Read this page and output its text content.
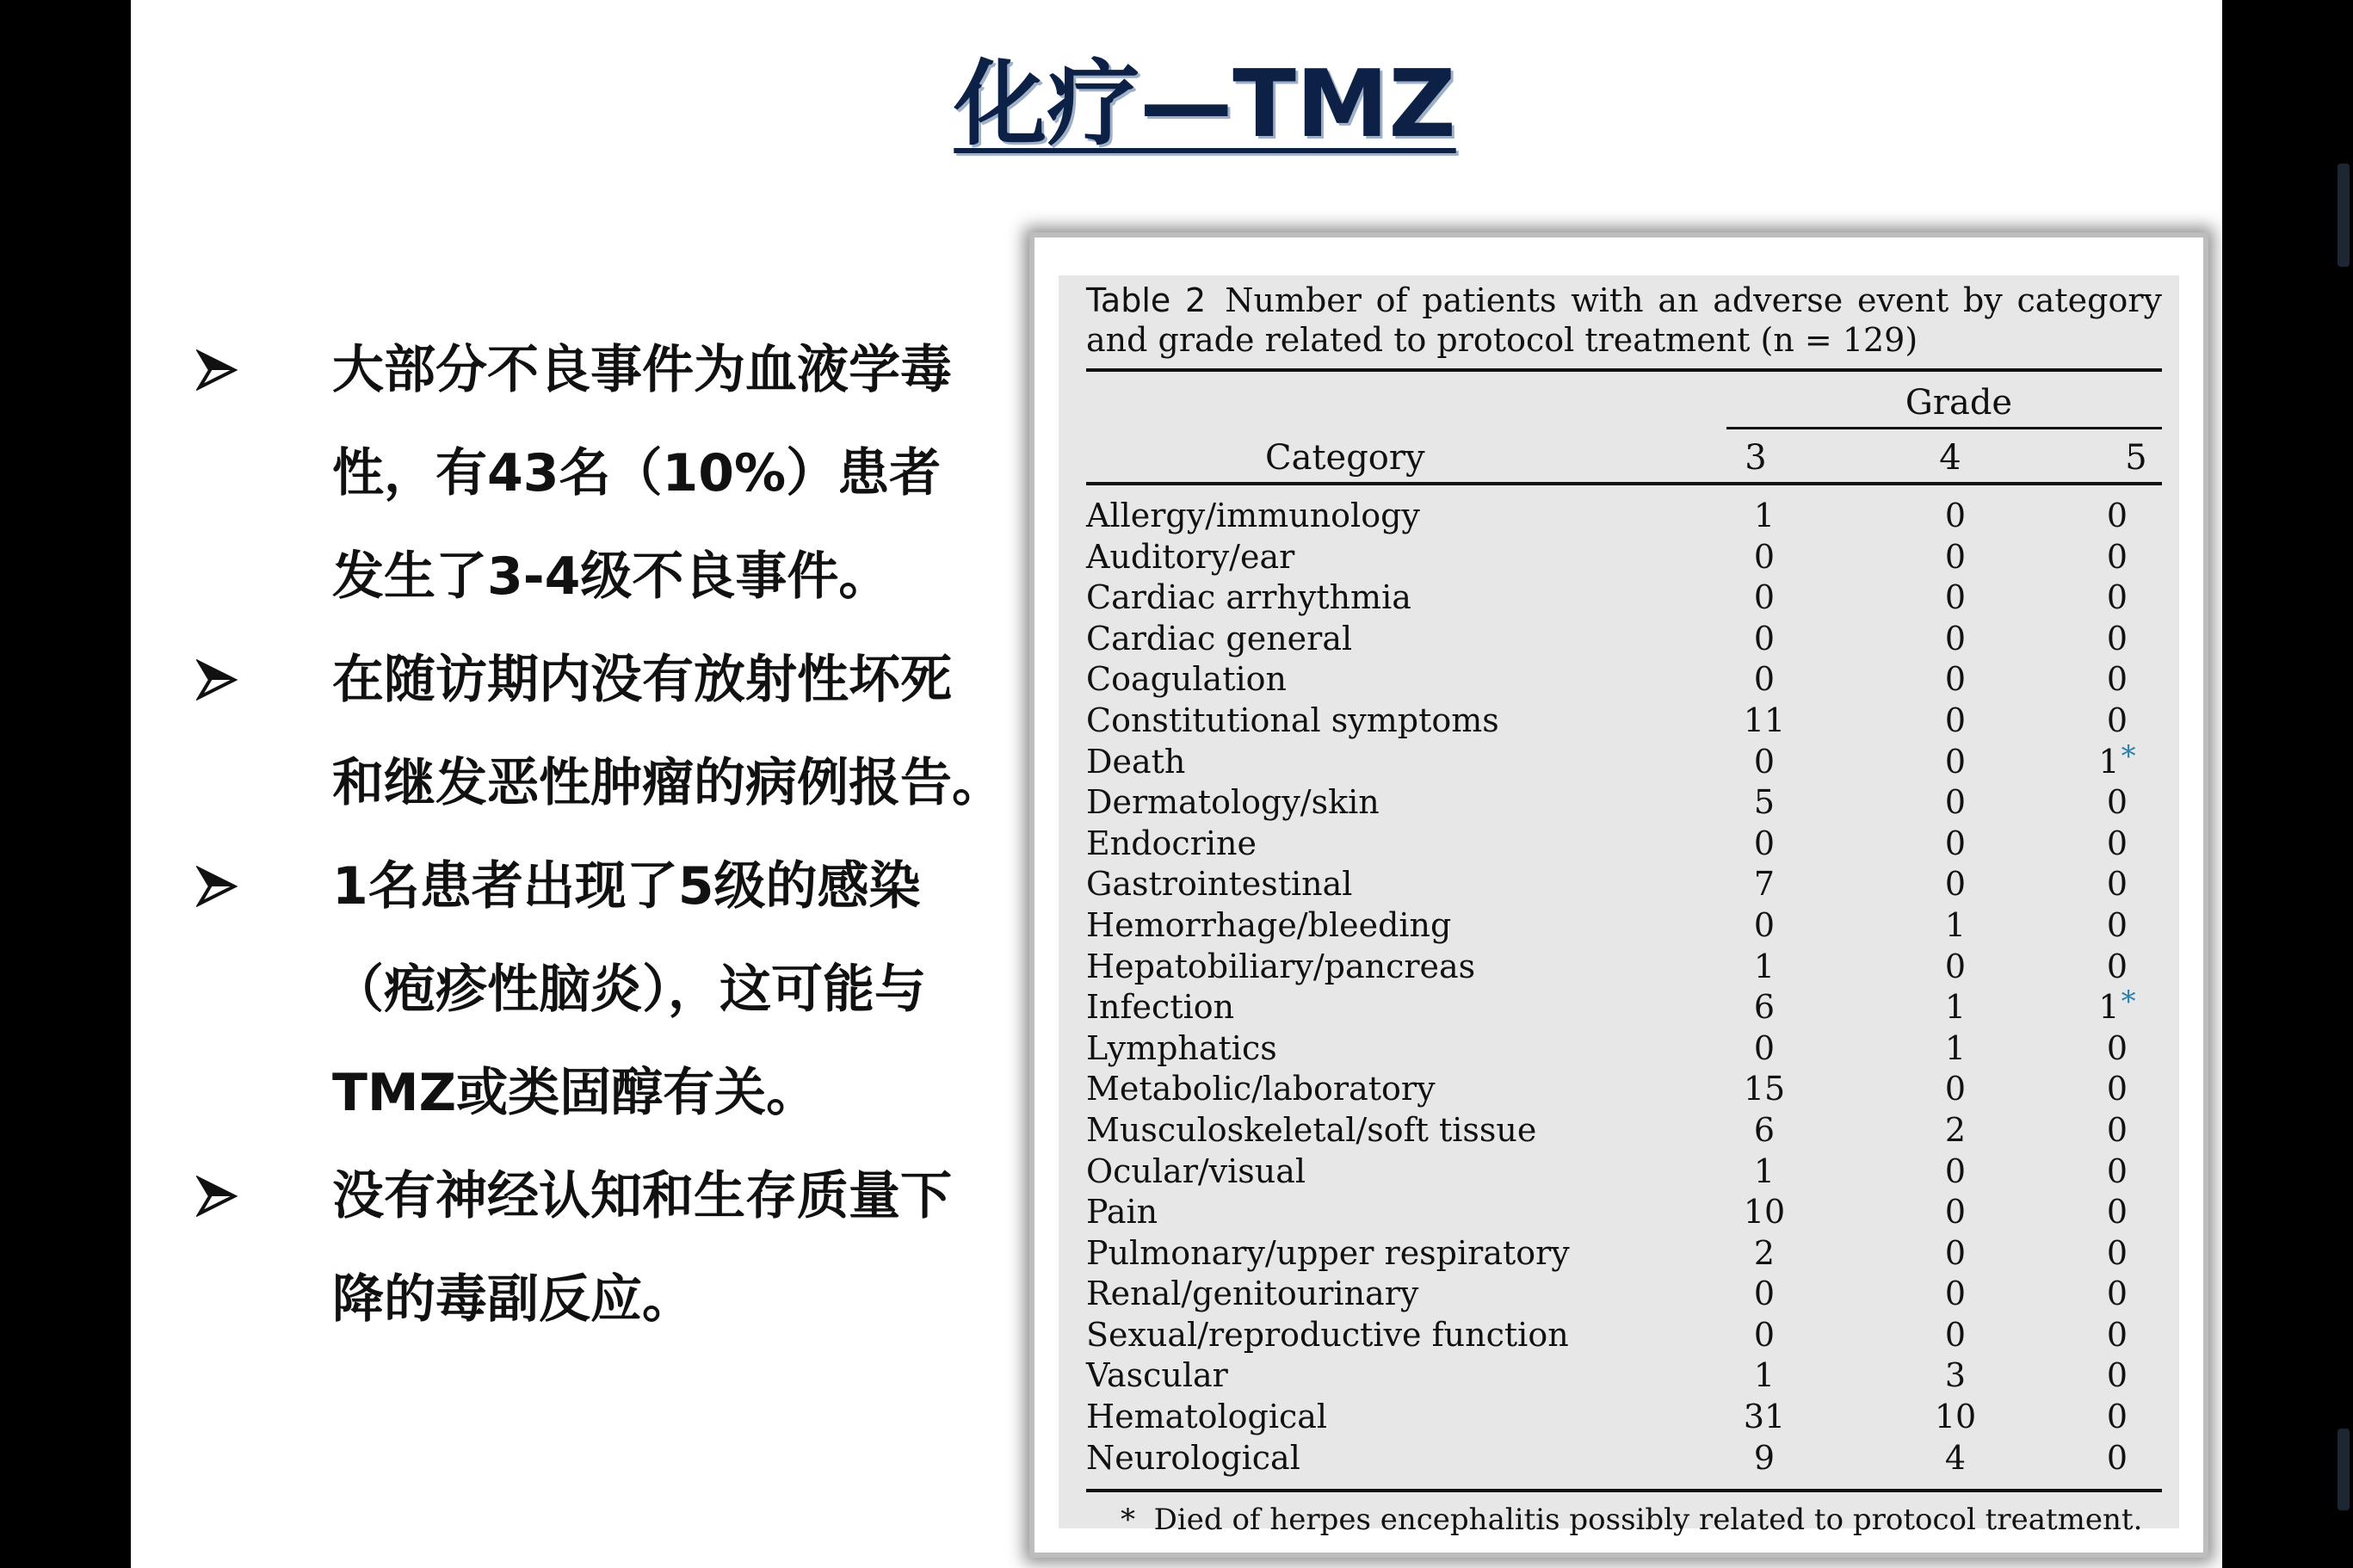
化疗—TMZ
大部分不良事件为血液学毒
性，有43名（10%）患者
发生了3-4级不良事件。
在随访期内没有放射性坏死
和继发恶性肿瘤的病例报告。
1名患者出现了5级的感染
（疱疹性脑炎），这可能与
TMZ或类固醇有关。
没有神经认知和生存质量下
降的毒副反应。
Table 2 Number of patients with an adverse event by category and grade related to protocol treatment (n = 129)
Grade
Category	3	4	5
Allergy/immunology	1	0	0
Auditory/ear	0	0	0
Cardiac arrhythmia	0	0	0
Cardiac general	0	0	0
Coagulation	0	0	0
Constitutional symptoms	11	0	0
Death	0	0	1*
Dermatology/skin	5	0	0
Endocrine	0	0	0
Gastrointestinal	7	0	0
Hemorrhage/bleeding	0	1	0
Hepatobiliary/pancreas	1	0	0
Infection	6	1	1*
Lymphatics	0	1	0
Metabolic/laboratory	15	0	0
Musculoskeletal/soft tissue	6	2	0
Ocular/visual	1	0	0
Pain	10	0	0
Pulmonary/upper respiratory	2	0	0
Renal/genitourinary	0	0	0
Sexual/reproductive function	0	0	0
Vascular	1	3	0
Hematological	31	10	0
Neurological	9	4	0
* Died of herpes encephalitis possibly related to protocol treatment.
